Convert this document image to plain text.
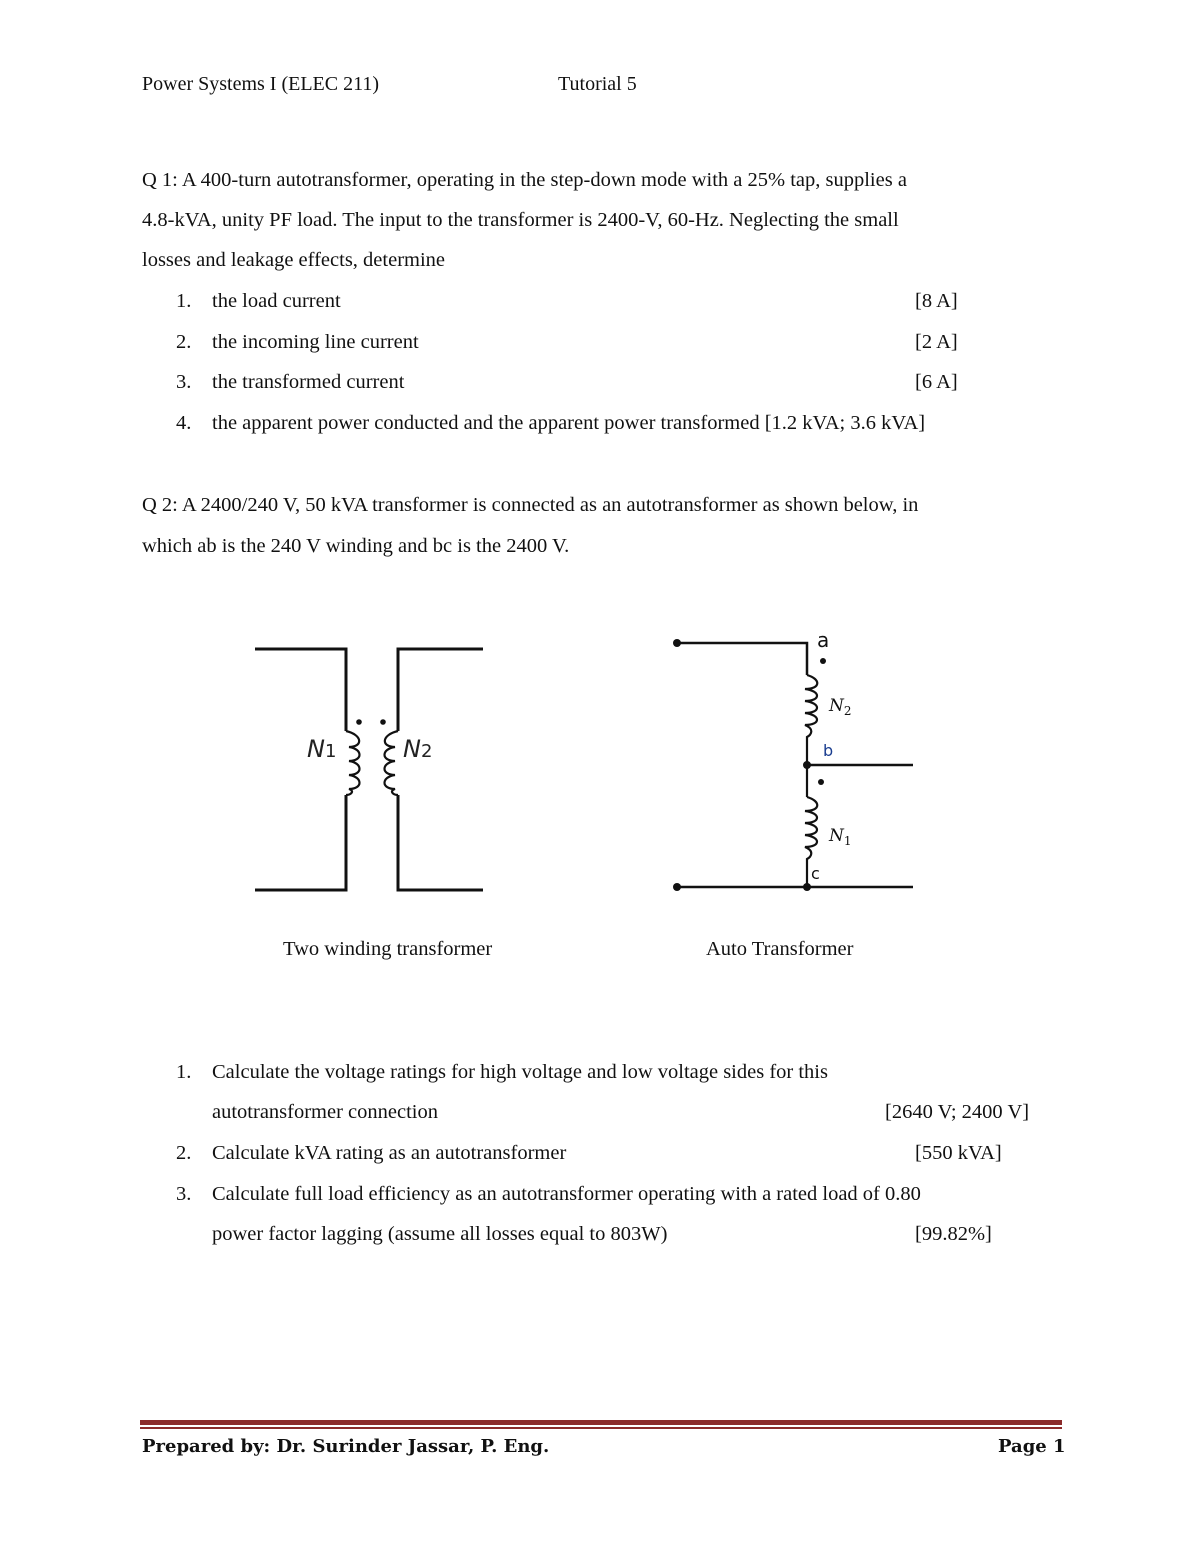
Power Systems I (ELEC 211)	Tutorial 5
Q 1: A 400-turn autotransformer, operating in the step-down mode with a 25% tap, supplies a
4.8-kVA, unity PF load. The input to the transformer is 2400-V, 60-Hz. Neglecting the small
losses and leakage effects, determine
1. the load current	[8 A]
2. the incoming line current	[2 A]
3. the transformed current	[6 A]
4. the apparent power conducted and the apparent power transformed [1.2 kVA; 3.6 kVA]
Q 2: A 2400/240 V, 50 kVA transformer is connected as an autotransformer as shown below, in
which ab is the 240 V winding and bc is the 2400 V.
N1	N2
a
b
c
$N_2$
$N_1$
Two winding transformer	Auto Transformer
1. Calculate the voltage ratings for high voltage and low voltage sides for this
autotransformer connection	[2640 V; 2400 V]
2. Calculate kVA rating as an autotransformer	[550 kVA]
3. Calculate full load efficiency as an autotransformer operating with a rated load of 0.80
power factor lagging (assume all losses equal to 803W)	[99.82%]
Prepared by: Dr. Surinder Jassar, P. Eng.	Page 1
